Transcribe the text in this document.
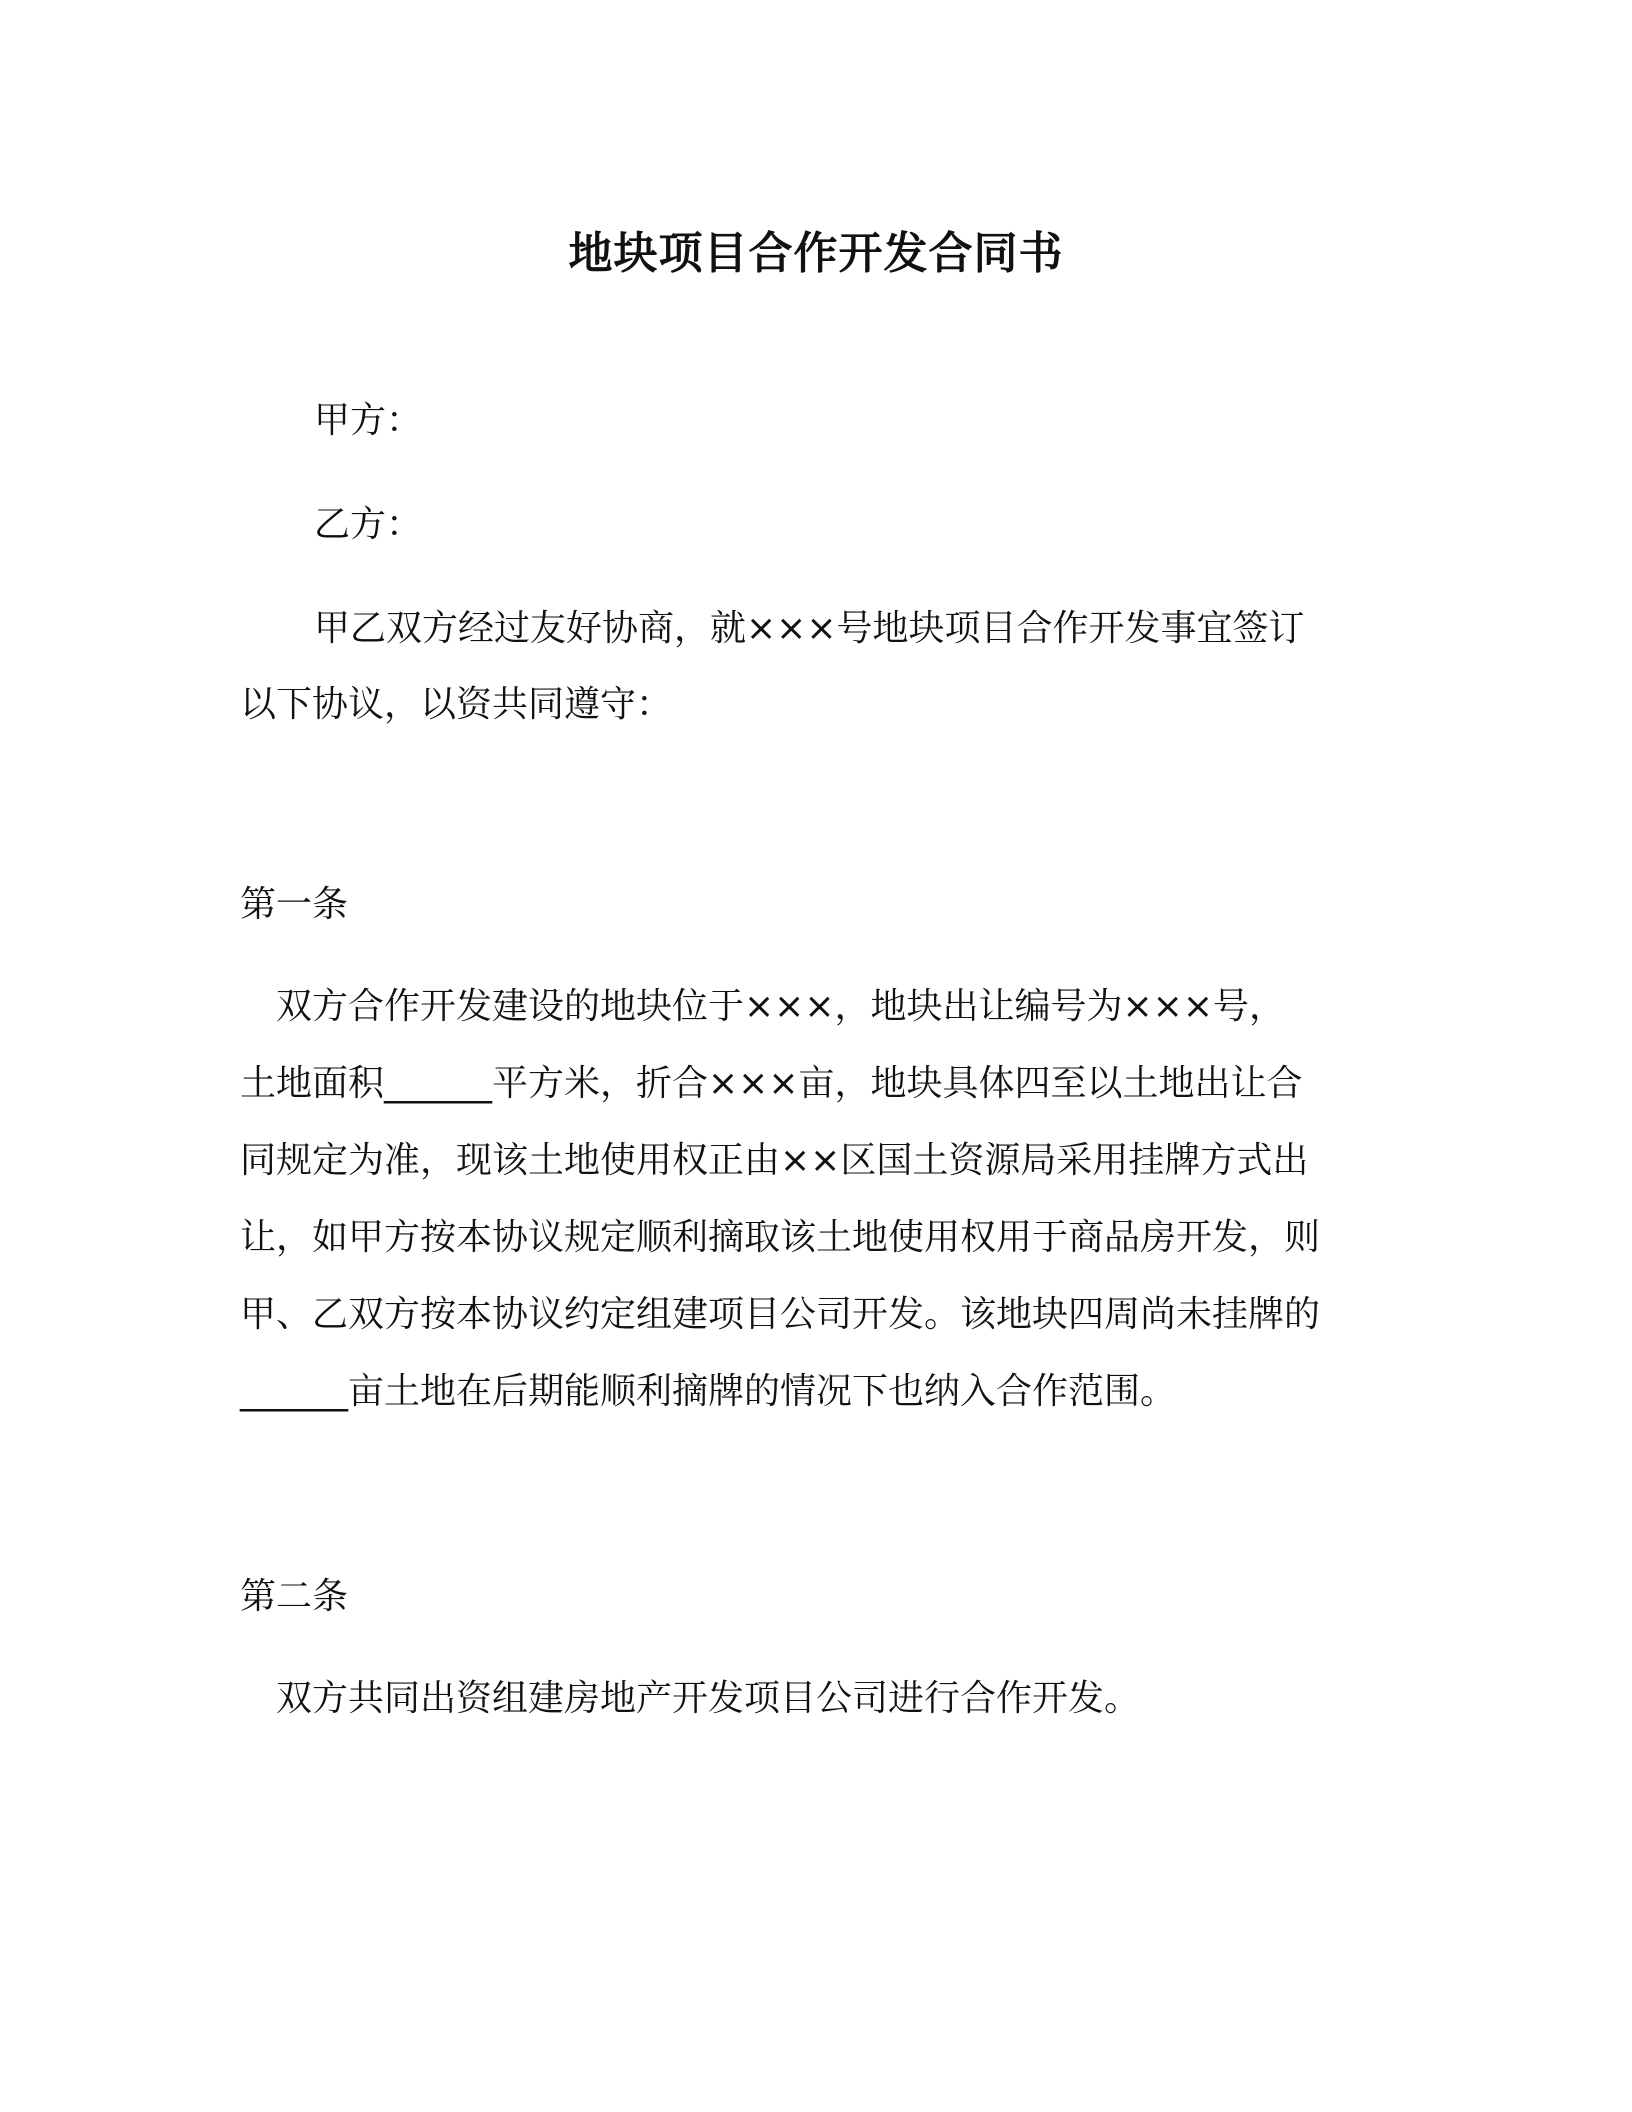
地块项目合作开发合同书
甲方：
乙方：
甲乙双方经过友好协商，就×××号地块项目合作开发事宜签订
以下协议，以资共同遵守：
第一条
双方合作开发建设的地块位于×××，地块出让编号为×××号，
土地面积______平方米，折合×××亩，地块具体四至以土地出让合
同规定为准，现该土地使用权正由××区国土资源局采用挂牌方式出
让，如甲方按本协议规定顺利摘取该土地使用权用于商品房开发，则
甲、乙双方按本协议约定组建项目公司开发。该地块四周尚未挂牌的
______亩土地在后期能顺利摘牌的情况下也纳入合作范围。
第二条
双方共同出资组建房地产开发项目公司进行合作开发。
